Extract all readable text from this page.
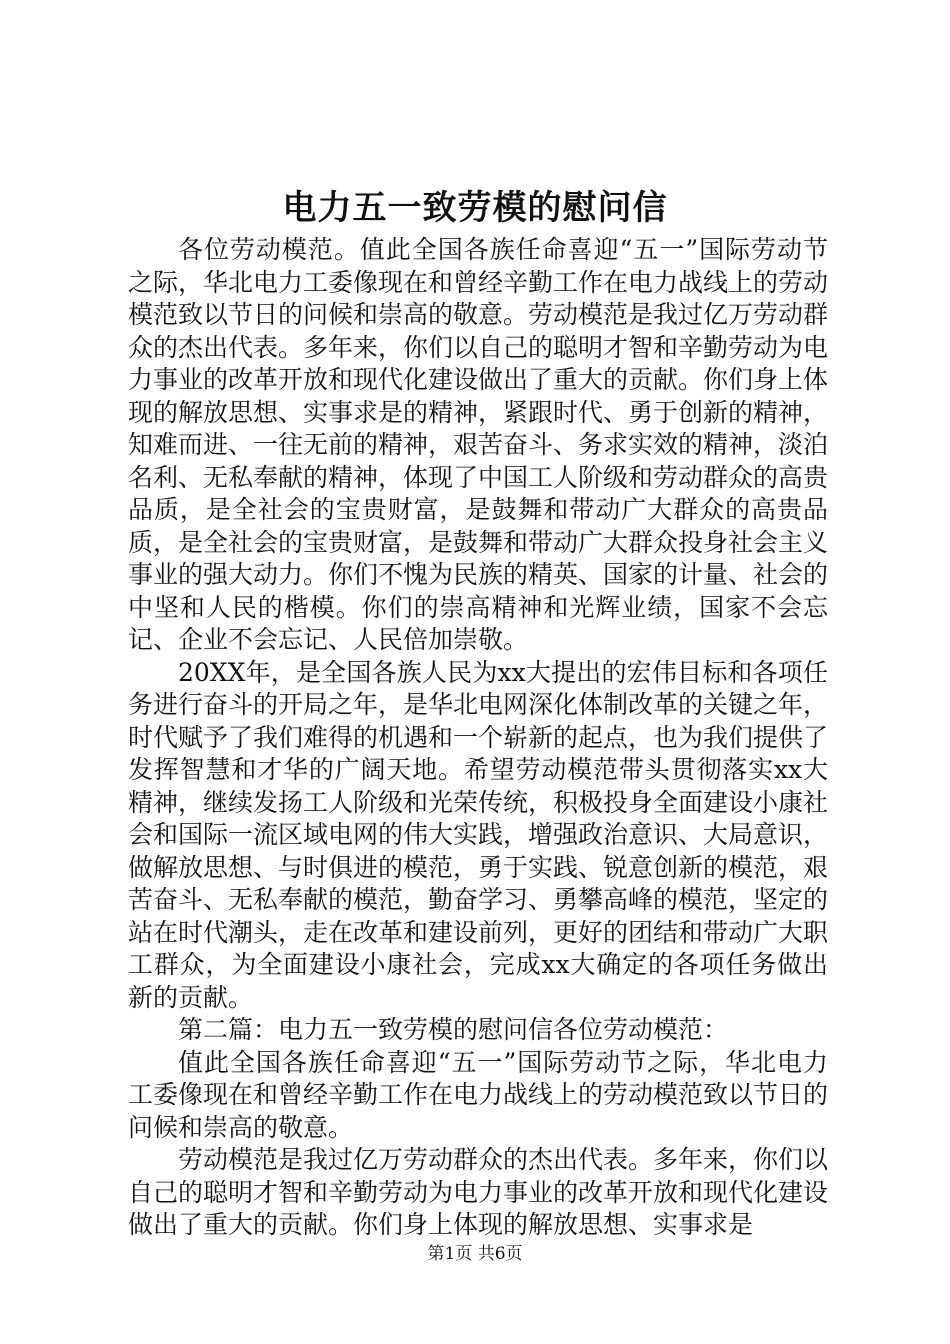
电力五一致劳模的慰问信

各位劳动模范。值此全国各族任命喜迎“五一”国际劳动节之际，华北电力工委像现在和曾经辛勤工作在电力战线上的劳动模范致以节日的问候和崇高的敬意。劳动模范是我过亿万劳动群众的杰出代表。多年来，你们以自己的聪明才智和辛勤劳动为电力事业的改革开放和现代化建设做出了重大的贡献。你们身上体现的解放思想、实事求是的精神，紧跟时代、勇于创新的精神，知难而进、一往无前的精神，艰苦奋斗、务求实效的精神，淡泊名利、无私奉献的精神，体现了中国工人阶级和劳动群众的高贵品质，是全社会的宝贵财富，是鼓舞和带动广大群众的高贵品质，是全社会的宝贵财富，是鼓舞和带动广大群众投身社会主义事业的强大动力。你们不愧为民族的精英、国家的计量、社会的中坚和人民的楷模。你们的崇高精神和光辉业绩，国家不会忘记、企业不会忘记、人民倍加崇敬。

20XX年，是全国各族人民为xx大提出的宏伟目标和各项任务进行奋斗的开局之年，是华北电网深化体制改革的关键之年，时代赋予了我们难得的机遇和一个崭新的起点，也为我们提供了发挥智慧和才华的广阔天地。希望劳动模范带头贯彻落实xx大精神，继续发扬工人阶级和光荣传统，积极投身全面建设小康社会和国际一流区域电网的伟大实践，增强政治意识、大局意识，做解放思想、与时俱进的模范，勇于实践、锐意创新的模范，艰苦奋斗、无私奉献的模范，勤奋学习、勇攀高峰的模范，坚定的站在时代潮头，走在改革和建设前列，更好的团结和带动广大职工群众，为全面建设小康社会，完成xx大确定的各项任务做出新的贡献。

第二篇：电力五一致劳模的慰问信各位劳动模范：

值此全国各族任命喜迎“五一”国际劳动节之际，华北电力工委像现在和曾经辛勤工作在电力战线上的劳动模范致以节日的问候和崇高的敬意。

劳动模范是我过亿万劳动群众的杰出代表。多年来，你们以自己的聪明才智和辛勤劳动为电力事业的改革开放和现代化建设做出了重大的贡献。你们身上体现的解放思想、实事求是

第1页 共6页
